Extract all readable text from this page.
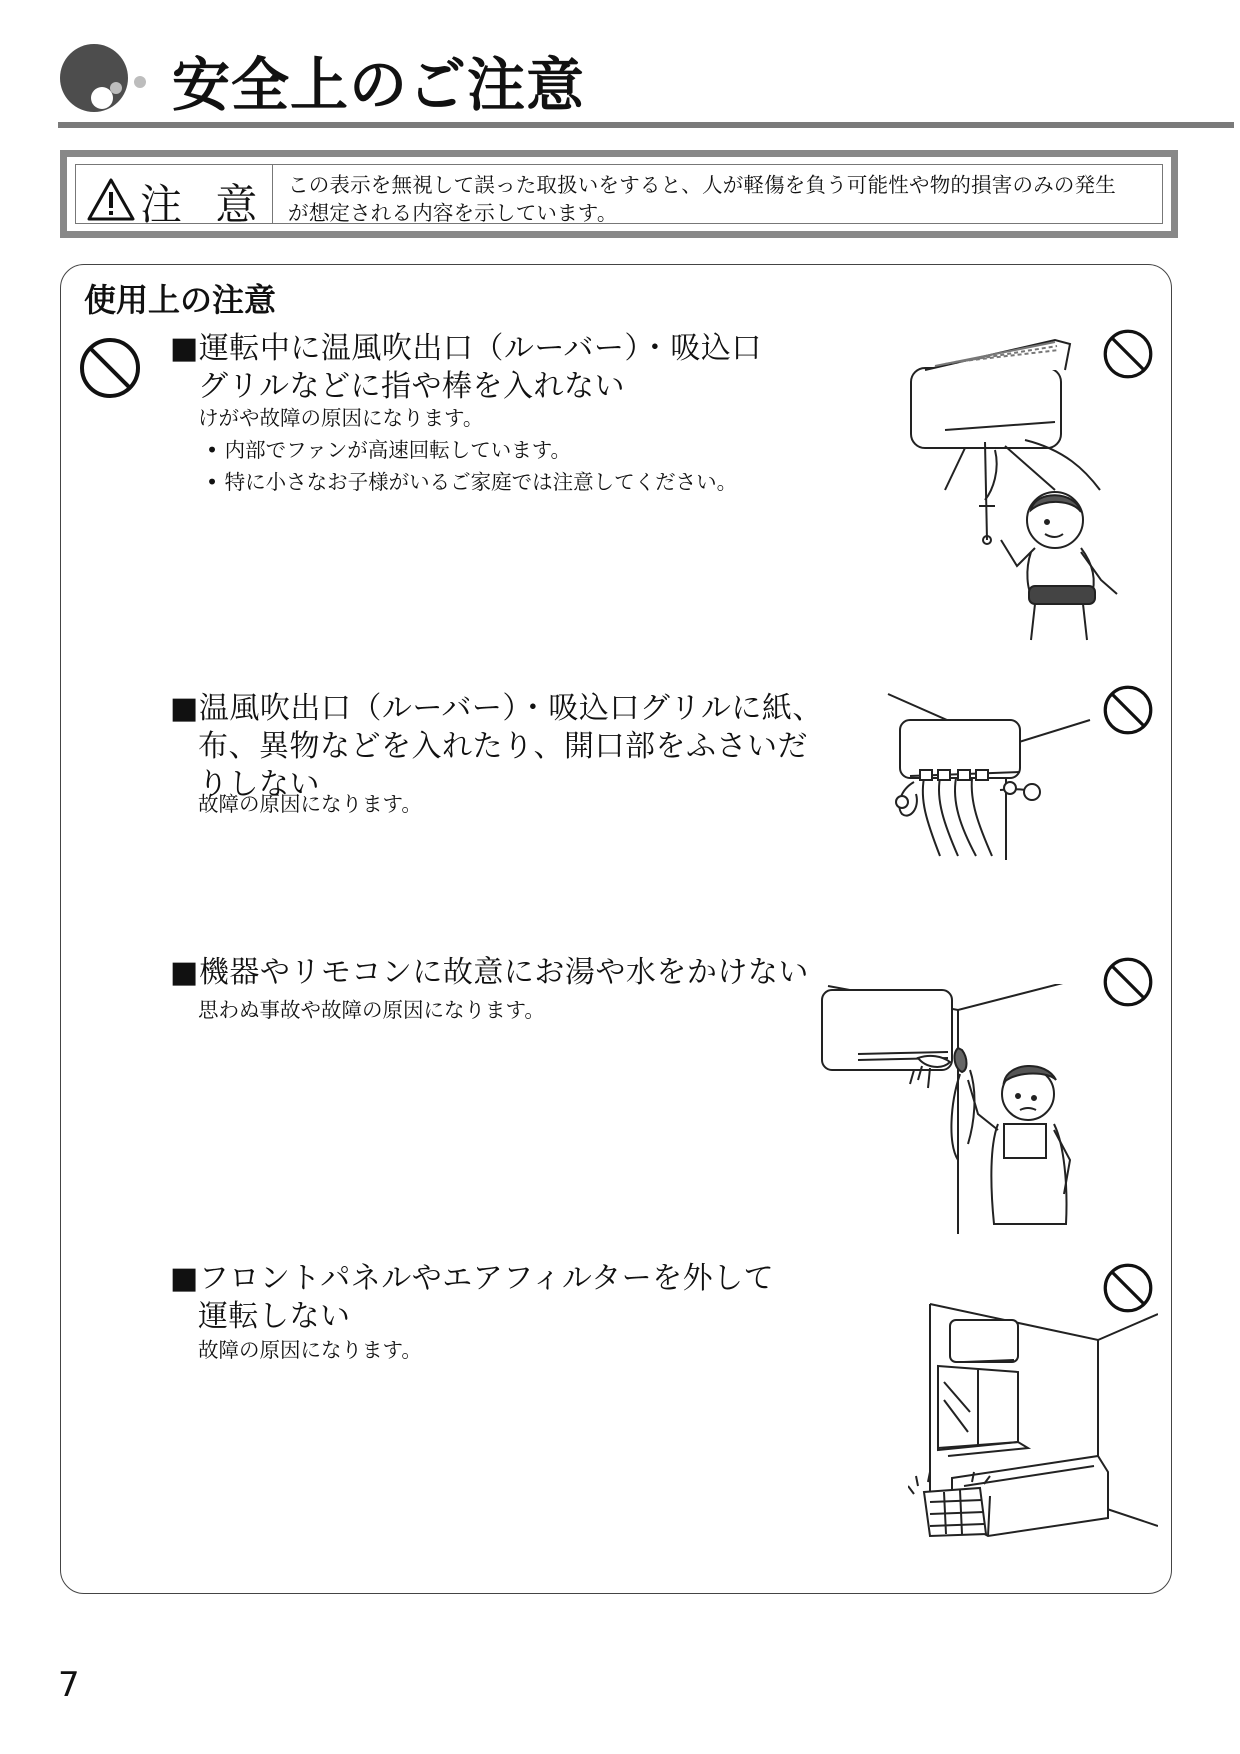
安全上のご注意
注 意 この表示を無視して誤った取扱いをすると、人が軽傷を負う可能性や物的損害のみの発生
が想定される内容を示しています。
使用上の注意
■運転中に温風吹出口（ルーバー）・吸込口
グリルなどに指や棒を入れない
けがや故障の原因になります。
• 内部でファンが高速回転しています。
• 特に小さなお子様がいるご家庭では注意してください。
■温風吹出口（ルーバー）・吸込口グリルに紙、
布、異物などを入れたり、開口部をふさいだ
りしない
故障の原因になります。
■機器やリモコンに故意にお湯や水をかけない
思わぬ事故や故障の原因になります。
■フロントパネルやエアフィルターを外して
運転しない
故障の原因になります。
7
